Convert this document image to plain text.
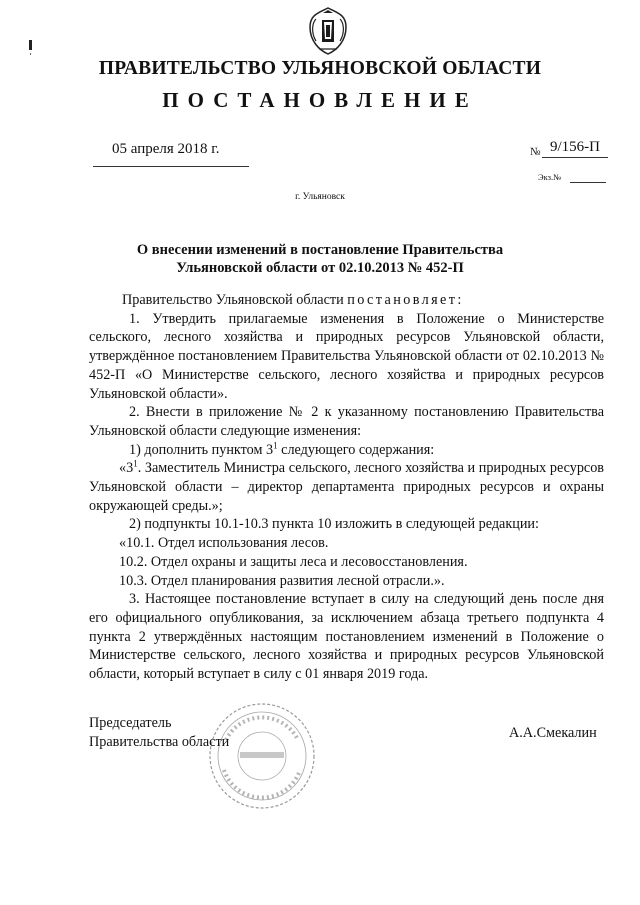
ПРАВИТЕЛЬСТВО УЛЬЯНОВСКОЙ ОБЛАСТИ
ПОСТАНОВЛЕНИЕ
05 апреля 2018 г.	№ 9/156-П
Экз.№
г. Ульяновск
О внесении изменений в постановление Правительства
Ульяновской области от 02.10.2013 № 452-П

Правительство Ульяновской области постановляет:

1. Утвердить прилагаемые изменения в Положение о Министерстве сельского, лесного хозяйства и природных ресурсов Ульяновской области, утверждённое постановлением Правительства Ульяновской области от 02.10.2013 № 452-П «О Министерстве сельского, лесного хозяйства и природных ресурсов Ульяновской области».

2. Внести в приложение № 2 к указанному постановлению Правительства Ульяновской области следующие изменения:

1) дополнить пунктом $3^1$ следующего содержания:

«$3^1$. Заместитель Министра сельского, лесного хозяйства и природных ресурсов Ульяновской области – директор департамента природных ресурсов и охраны окружающей среды.»;

2) подпункты 10.1-10.3 пункта 10 изложить в следующей редакции:

«10.1. Отдел использования лесов.

10.2. Отдел охраны и защиты леса и лесовосстановления.

10.3. Отдел планирования развития лесной отрасли.».

3. Настоящее постановление вступает в силу на следующий день после дня его официального опубликования, за исключением абзаца третьего подпункта 4 пункта 2 утверждённых настоящим постановлением изменений в Положение о Министерстве сельского, лесного хозяйства и природных ресурсов Ульяновской области, который вступает в силу с 01 января 2019 года.

Председатель
Правительства области
А.А.Смекалин
